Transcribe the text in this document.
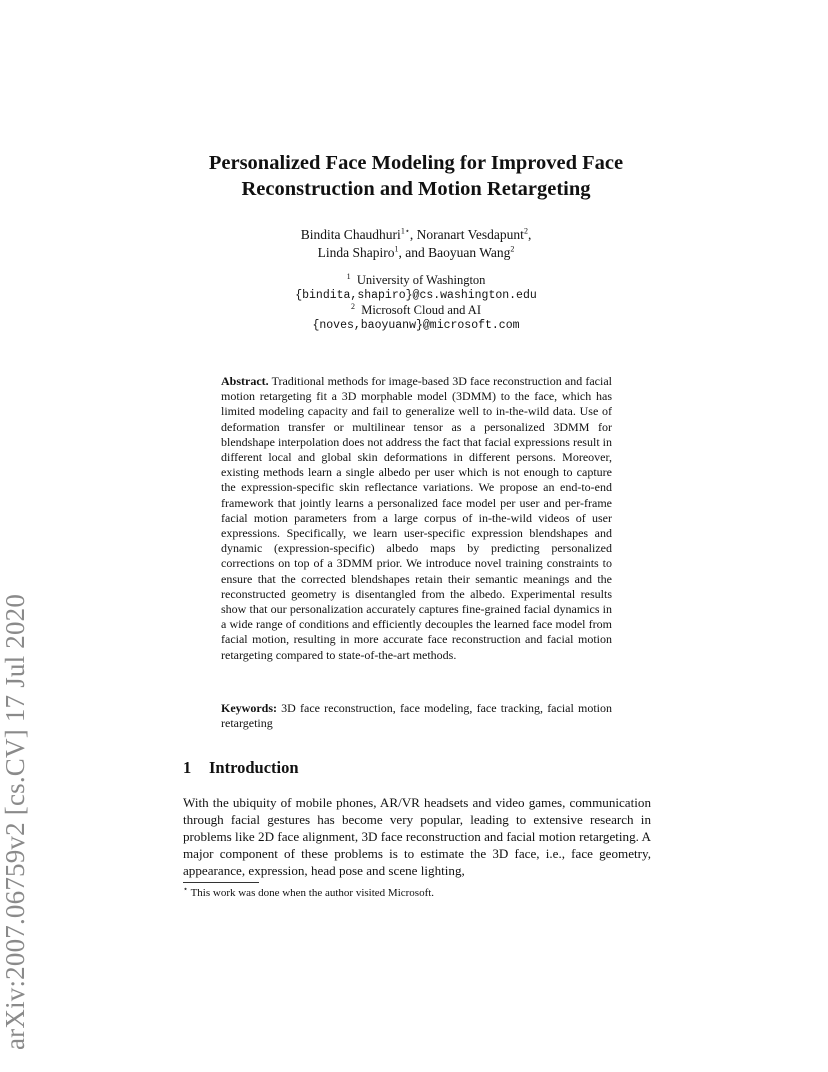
arXiv:2007.06759v2 [cs.CV] 17 Jul 2020
Personalized Face Modeling for Improved Face
Reconstruction and Motion Retargeting
Bindita Chaudhuri$^{1⋆}$, Noranart Vesdapunt$^2$,
Linda Shapiro$^1$, and Baoyuan Wang$^2$
$^1$ University of Washington
{bindita,shapiro}@cs.washington.edu
$^2$ Microsoft Cloud and AI
{noves,baoyuanw}@microsoft.com
Abstract. Traditional methods for image-based 3D face reconstruction and facial motion retargeting fit a 3D morphable model (3DMM) to the face, which has limited modeling capacity and fail to generalize well to in-the-wild data. Use of deformation transfer or multilinear tensor as a personalized 3DMM for blendshape interpolation does not address the fact that facial expressions result in different local and global skin deformations in different persons. Moreover, existing methods learn a single albedo per user which is not enough to capture the expression-specific skin reflectance variations. We propose an end-to-end framework that jointly learns a personalized face model per user and per-frame facial motion parameters from a large corpus of in-the-wild videos of user expressions. Specifically, we learn user-specific expression blendshapes and dynamic (expression-specific) albedo maps by predicting personalized corrections on top of a 3DMM prior. We introduce novel training constraints to ensure that the corrected blendshapes retain their semantic meanings and the reconstructed geometry is disentangled from the albedo. Experimental results show that our personalization accurately captures fine-grained facial dynamics in a wide range of conditions and efficiently decouples the learned face model from facial motion, resulting in more accurate face reconstruction and facial motion retargeting compared to state-of-the-art methods.
Keywords: 3D face reconstruction, face modeling, face tracking, facial motion retargeting
1 Introduction
With the ubiquity of mobile phones, AR/VR headsets and video games, communication through facial gestures has become very popular, leading to extensive research in problems like 2D face alignment, 3D face reconstruction and facial motion retargeting. A major component of these problems is to estimate the 3D face, i.e., face geometry, appearance, expression, head pose and scene lighting,
⋆ This work was done when the author visited Microsoft.
